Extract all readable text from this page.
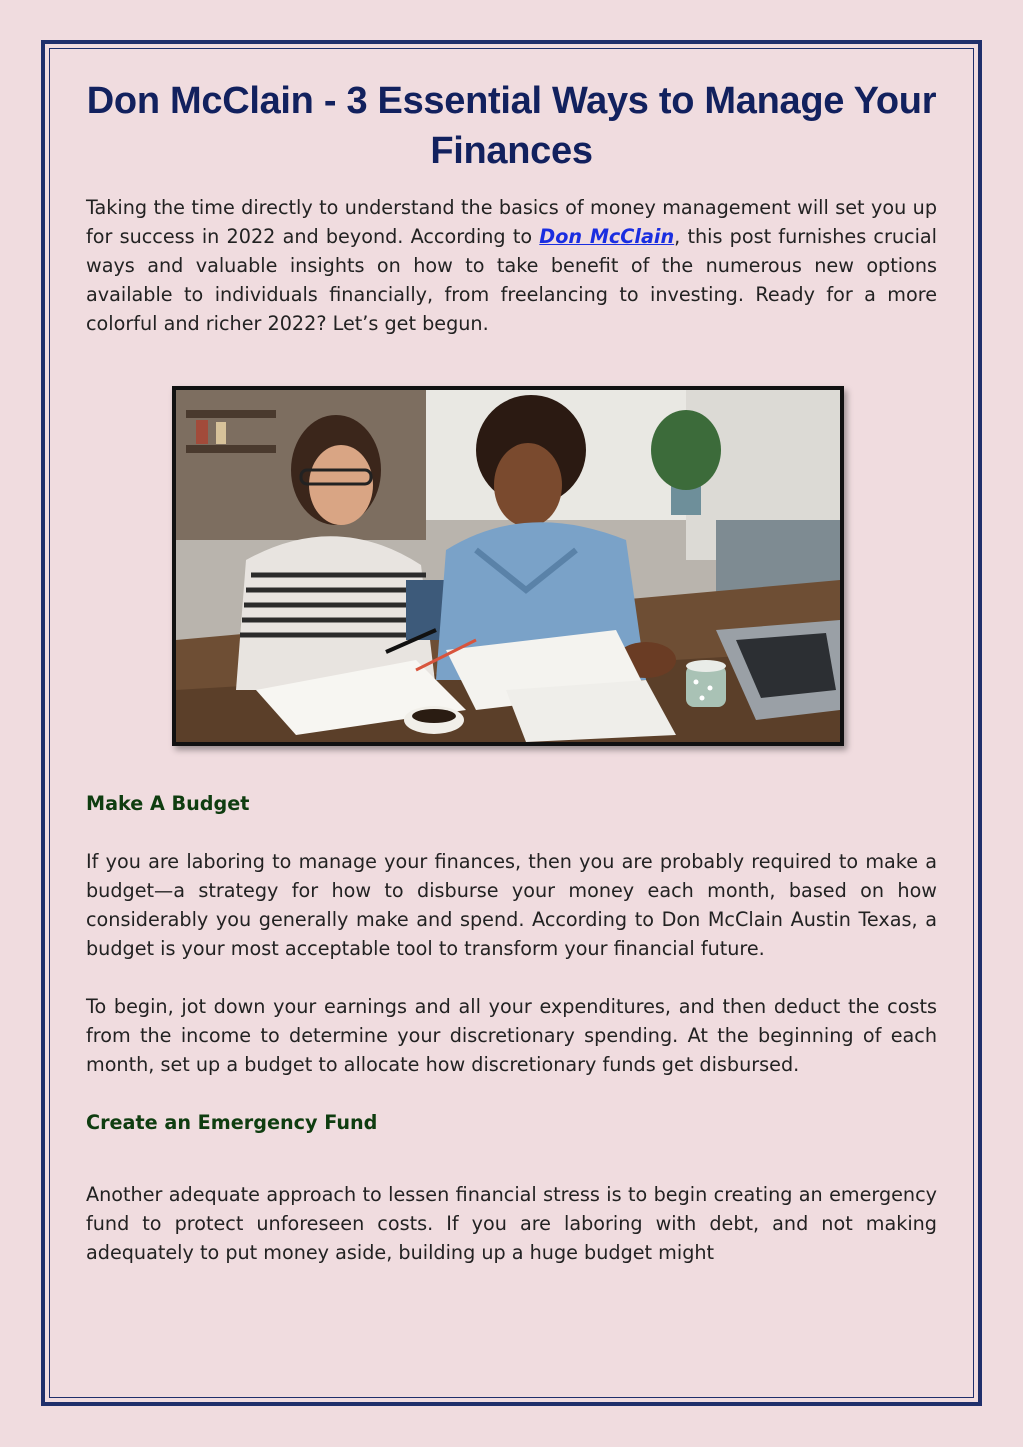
Don McClain - 3 Essential Ways to Manage Your Finances

Taking the time directly to understand the basics of money management will set you up for success in 2022 and beyond. According to Don McClain, this post furnishes crucial ways and valuable insights on how to take benefit of the numerous new options available to individuals financially, from freelancing to investing. Ready for a more colorful and richer 2022? Let’s get begun.

Make A Budget

If you are laboring to manage your finances, then you are probably required to make a budget—a strategy for how to disburse your money each month, based on how considerably you generally make and spend. According to Don McClain Austin Texas, a budget is your most acceptable tool to transform your financial future.

To begin, jot down your earnings and all your expenditures, and then deduct the costs from the income to determine your discretionary spending. At the beginning of each month, set up a budget to allocate how discretionary funds get disbursed.

Create an Emergency Fund

Another adequate approach to lessen financial stress is to begin creating an emergency fund to protect unforeseen costs. If you are laboring with debt, and not making adequately to put money aside, building up a huge budget might
